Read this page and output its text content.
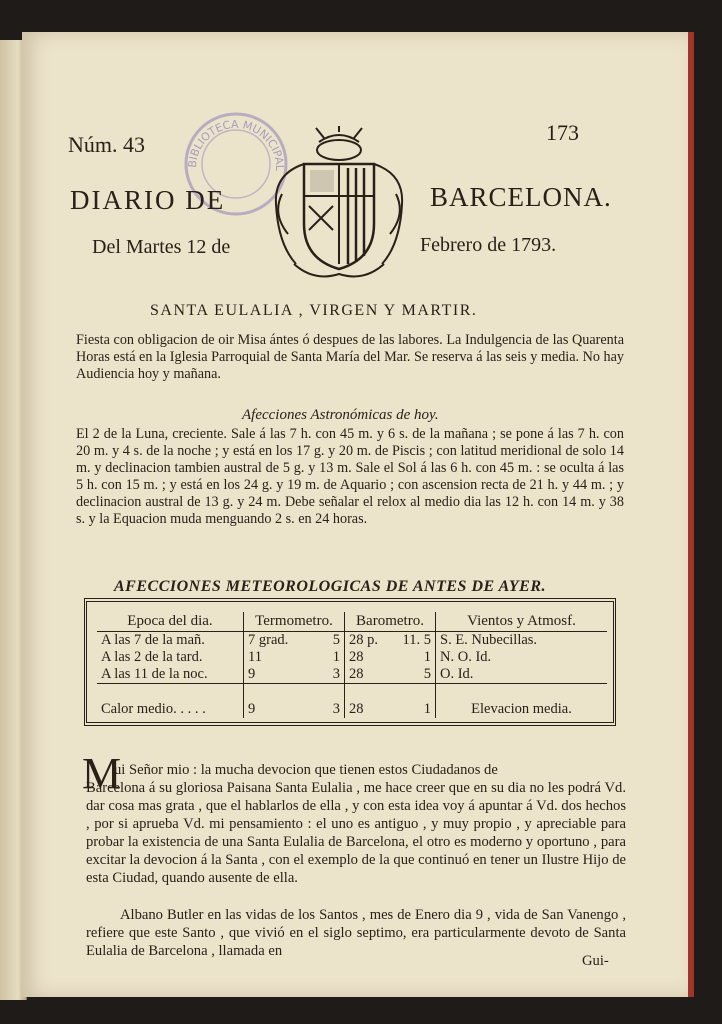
Núm. 43	173
BIBLIOTECA MUNICIPAL
DIARIO DE	BARCELONA.
Del Martes 12 de	Febrero de 1793.
SANTA EULALIA , VIRGEN Y MARTIR.
Fiesta con obligacion de oir Misa ántes ó despues de las labores. La Indulgencia de las Quarenta Horas está en la Iglesia Parroquial de Santa María del Mar. Se reserva á las seis y media. No hay Audiencia hoy y mañana.
Afecciones Astronómicas de hoy.
El 2 de la Luna, creciente. Sale á las 7 h. con 45 m. y 6 s. de la mañana ; se pone á las 7 h. con 20 m. y 4 s. de la noche ; y está en los 17 g. y 20 m. de Piscis ; con latitud meridional de solo 14 m. y declinacion tambien austral de 5 g. y 13 m. Sale el Sol á las 6 h. con 45 m. : se oculta á las 5 h. con 15 m. ; y está en los 24 g. y 19 m. de Aquario ; con ascension recta de 21 h. y 44 m. ; y declinacion austral de 13 g. y 24 m. Debe señalar el relox al medio dia las 12 h. con 14 m. y 38 s. y la Equacion muda menguando 2 s. en 24 horas.
AFECCIONES METEOROLOGICAS DE ANTES DE AYER.
Epoca del dia.	Termometro.	Barometro.	Vientos y Atmosf.
A las 7 de la mañ.	7 grad. 5	28 p. 11. 5	S. E. Nubecillas.
A las 2 de la tard.	11 1	28 1	N. O. Id.
A las 11 de la noc.	9 3	28 5	O. Id.

Calor medio. . . . .	9 3	28 1	Elevacion media.
M
ui Señor mio : la mucha devocion que tienen estos Ciudadanos de
Barcelona á su gloriosa Paisana Santa Eulalia , me hace creer que en su dia no les podrá Vd. dar cosa mas grata , que el hablarlos de ella , y con esta idea voy á apuntar á Vd. dos hechos , por si aprueba Vd. mi pensamiento : el uno es antiguo , y muy propio , y apreciable para probar la existencia de una Santa Eulalia de Barcelona, el otro es moderno y oportuno , para excitar la devocion á la Santa , con el exemplo de la que continuó en tener un Ilustre Hijo de esta Ciudad, quando ausente de ella.
Albano Butler en las vidas de los Santos , mes de Enero dia 9 , vida de San Vanengo , refiere que este Santo , que vivió en el siglo septimo, era particularmente devoto de Santa Eulalia de Barcelona , llamada en
Gui-
